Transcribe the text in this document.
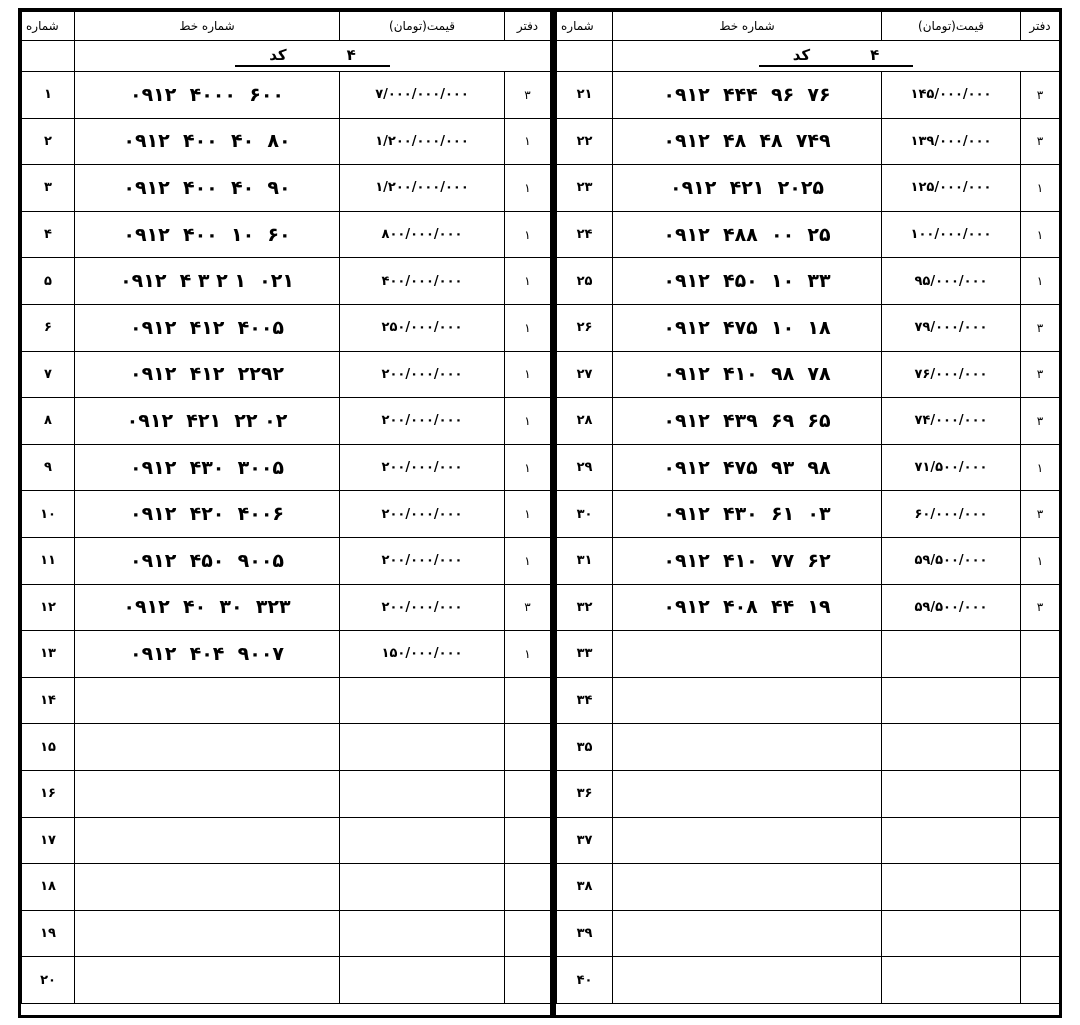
شماره	شماره خط	قیمت(تومان)	دفتر
	کد ۴		
۱	۰۹۱۲  ۴۰۰۰  ۶۰۰	۷/۰۰۰/۰۰۰/۰۰۰	۳
۲	۰۹۱۲  ۴۰۰  ۴۰  ۸۰	۱/۲۰۰/۰۰۰/۰۰۰	۱
۳	۰۹۱۲  ۴۰۰  ۴۰  ۹۰	۱/۲۰۰/۰۰۰/۰۰۰	۱
۴	۰۹۱۲  ۴۰۰  ۱۰  ۶۰	۸۰۰/۰۰۰/۰۰۰	۱
۵	۰۹۱۲  ۴ ۳ ۲ ۱  ۰۲۱	۴۰۰/۰۰۰/۰۰۰	۱
۶	۰۹۱۲  ۴۱۲  ۴۰۰۵	۲۵۰/۰۰۰/۰۰۰	۱
۷	۰۹۱۲  ۴۱۲  ۲۲۹۲	۲۰۰/۰۰۰/۰۰۰	۱
۸	۰۹۱۲  ۴۲۱  ۲۲ ۰۲	۲۰۰/۰۰۰/۰۰۰	۱
۹	۰۹۱۲  ۴۳۰  ۳۰۰۵	۲۰۰/۰۰۰/۰۰۰	۱
۱۰	۰۹۱۲  ۴۲۰  ۴۰۰۶	۲۰۰/۰۰۰/۰۰۰	۱
۱۱	۰۹۱۲  ۴۵۰  ۹۰۰۵	۲۰۰/۰۰۰/۰۰۰	۱
۱۲	۰۹۱۲  ۴۰  ۳۰  ۳۲۳	۲۰۰/۰۰۰/۰۰۰	۳
۱۳	۰۹۱۲  ۴۰۴  ۹۰۰۷	۱۵۰/۰۰۰/۰۰۰	۱
۱۴			
۱۵			
۱۶			
۱۷			
۱۸			
۱۹			
۲۰			
شماره	شماره خط	قیمت(تومان)	دفتر
	کد ۴		
۲۱	۰۹۱۲  ۴۴۴  ۹۶  ۷۶	۱۴۵/۰۰۰/۰۰۰	۳
۲۲	۰۹۱۲  ۴۸  ۴۸  ۷۴۹	۱۳۹/۰۰۰/۰۰۰	۳
۲۳	۰۹۱۲  ۴۲۱  ۲۰۲۵	۱۲۵/۰۰۰/۰۰۰	۱
۲۴	۰۹۱۲  ۴۸۸  ۰۰  ۲۵	۱۰۰/۰۰۰/۰۰۰	۱
۲۵	۰۹۱۲  ۴۵۰  ۱۰  ۳۳	۹۵/۰۰۰/۰۰۰	۱
۲۶	۰۹۱۲  ۴۷۵  ۱۰  ۱۸	۷۹/۰۰۰/۰۰۰	۳
۲۷	۰۹۱۲  ۴۱۰  ۹۸  ۷۸	۷۶/۰۰۰/۰۰۰	۳
۲۸	۰۹۱۲  ۴۳۹  ۶۹  ۶۵	۷۴/۰۰۰/۰۰۰	۳
۲۹	۰۹۱۲  ۴۷۵  ۹۳  ۹۸	۷۱/۵۰۰/۰۰۰	۱
۳۰	۰۹۱۲  ۴۳۰  ۶۱  ۰۳	۶۰/۰۰۰/۰۰۰	۳
۳۱	۰۹۱۲  ۴۱۰  ۷۷  ۶۲	۵۹/۵۰۰/۰۰۰	۱
۳۲	۰۹۱۲  ۴۰۸  ۴۴  ۱۹	۵۹/۵۰۰/۰۰۰	۳
۳۳			
۳۴			
۳۵			
۳۶			
۳۷			
۳۸			
۳۹			
۴۰			
